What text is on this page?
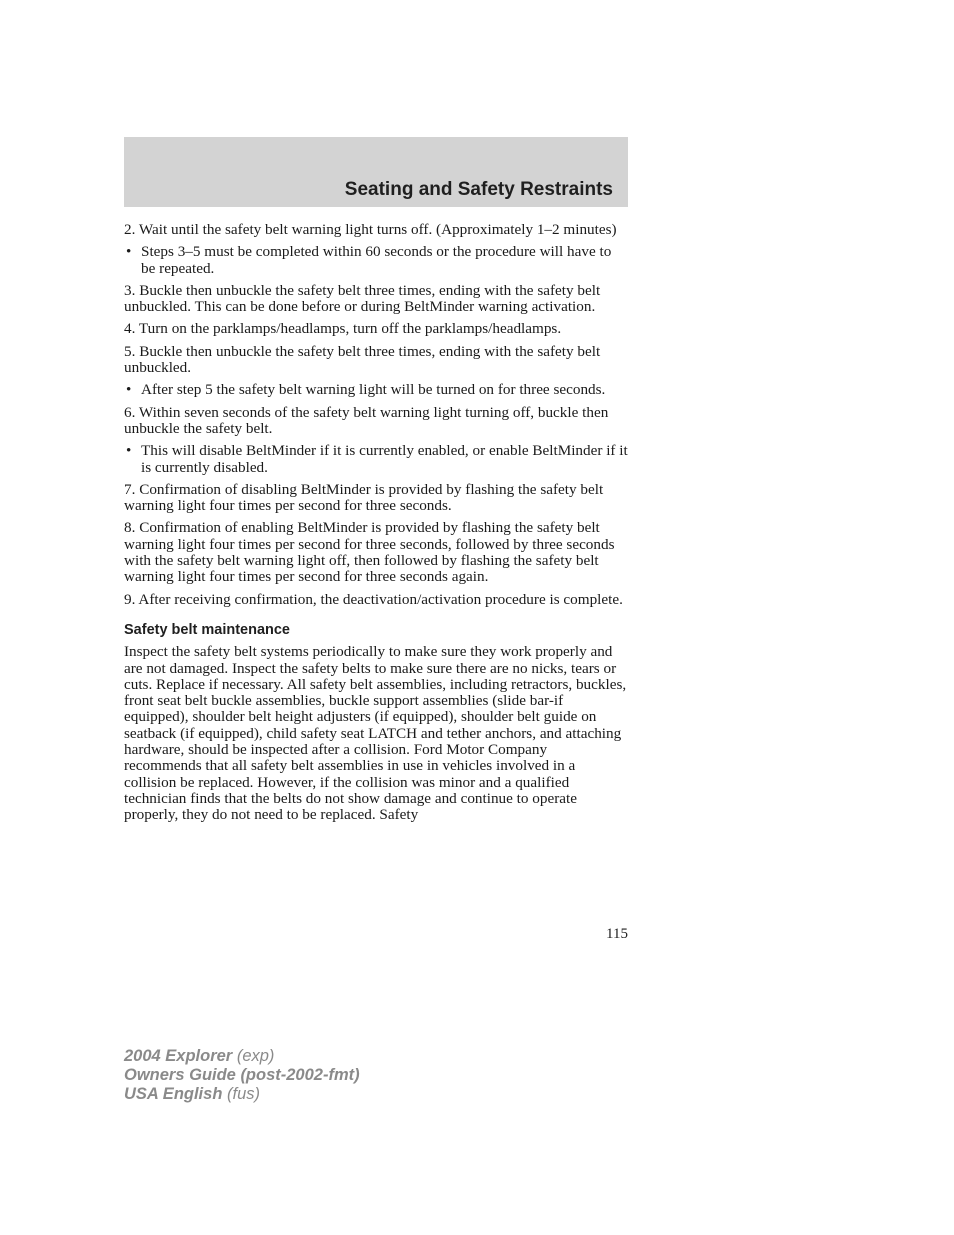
Seating and Safety Restraints

2. Wait until the safety belt warning light turns off. (Approximately 1–2 minutes)

• Steps 3–5 must be completed within 60 seconds or the procedure will have to be repeated.

3. Buckle then unbuckle the safety belt three times, ending with the safety belt unbuckled. This can be done before or during BeltMinder warning activation.

4. Turn on the parklamps/headlamps, turn off the parklamps/headlamps.

5. Buckle then unbuckle the safety belt three times, ending with the safety belt unbuckled.

• After step 5 the safety belt warning light will be turned on for three seconds.

6. Within seven seconds of the safety belt warning light turning off, buckle then unbuckle the safety belt.

• This will disable BeltMinder if it is currently enabled, or enable BeltMinder if it is currently disabled.

7. Confirmation of disabling BeltMinder is provided by flashing the safety belt warning light four times per second for three seconds.

8. Confirmation of enabling BeltMinder is provided by flashing the safety belt warning light four times per second for three seconds, followed by three seconds with the safety belt warning light off, then followed by flashing the safety belt warning light four times per second for three seconds again.

9. After receiving confirmation, the deactivation/activation procedure is complete.

Safety belt maintenance

Inspect the safety belt systems periodically to make sure they work properly and are not damaged. Inspect the safety belts to make sure there are no nicks, tears or cuts. Replace if necessary. All safety belt assemblies, including retractors, buckles, front seat belt buckle assemblies, buckle support assemblies (slide bar-if equipped), shoulder belt height adjusters (if equipped), shoulder belt guide on seatback (if equipped), child safety seat LATCH and tether anchors, and attaching hardware, should be inspected after a collision. Ford Motor Company recommends that all safety belt assemblies in use in vehicles involved in a collision be replaced. However, if the collision was minor and a qualified technician finds that the belts do not show damage and continue to operate properly, they do not need to be replaced. Safety

115
2004 Explorer (exp)
Owners Guide (post-2002-fmt)
USA English (fus)
